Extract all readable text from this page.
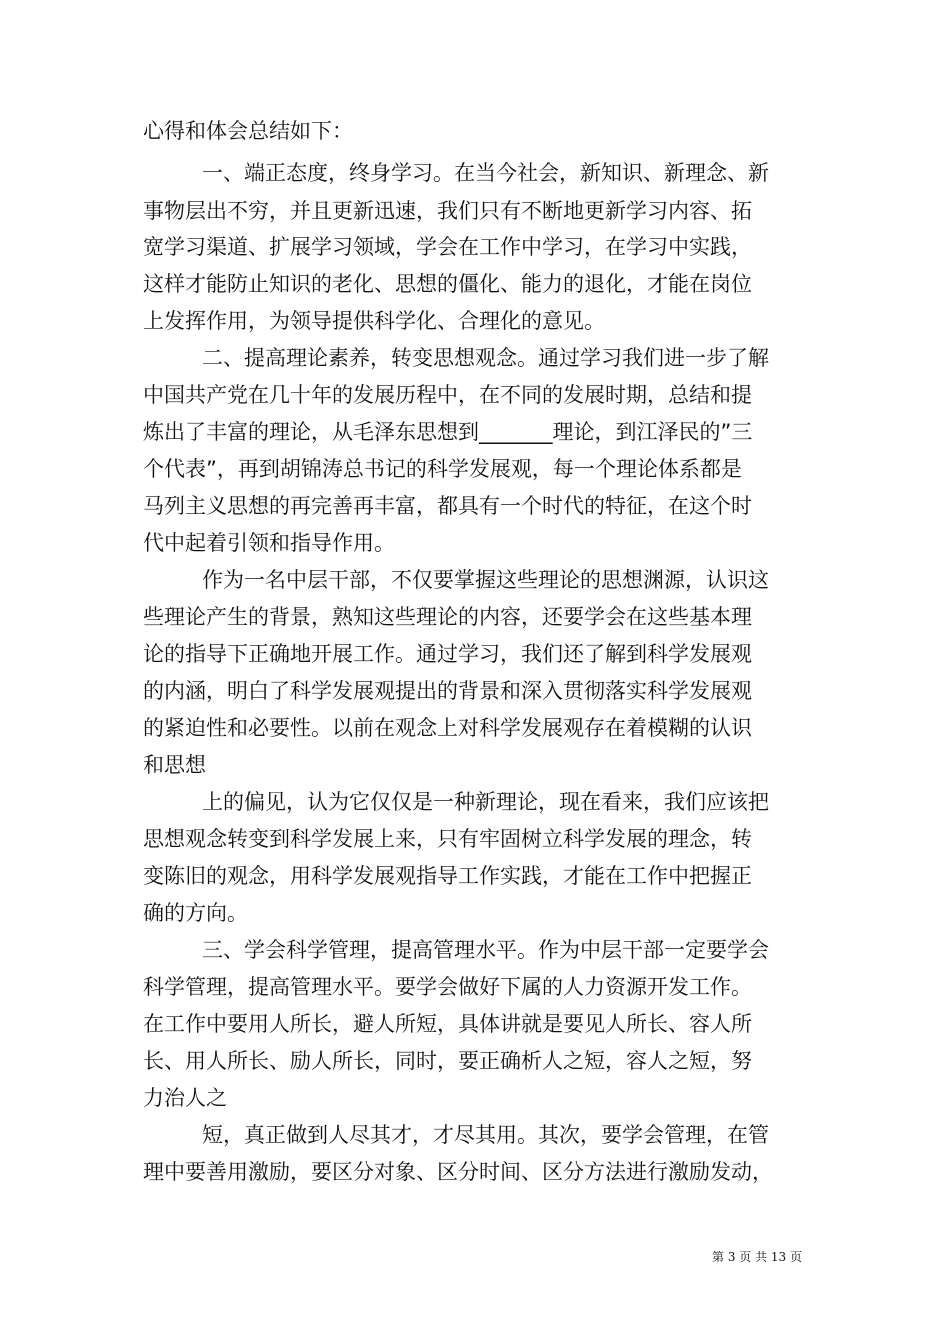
心得和体会总结如下：
一、端正态度，终身学习。在当今社会，新知识、新理念、新
事物层出不穷，并且更新迅速，我们只有不断地更新学习内容、拓
宽学习渠道、扩展学习领域，学会在工作中学习，在学习中实践，
这样才能防止知识的老化、思想的僵化、能力的退化，才能在岗位
上发挥作用，为领导提供科学化、合理化的意见。
二、提高理论素养，转变思想观念。通过学习我们进一步了解
中国共产党在几十年的发展历程中，在不同的发展时期，总结和提
炼出了丰富的理论，从毛泽东思想到_______理论，到江泽民的”三
个代表”，再到胡锦涛总书记的科学发展观，每一个理论体系都是
马列主义思想的再完善再丰富，都具有一个时代的特征，在这个时
代中起着引领和指导作用。
作为一名中层干部，不仅要掌握这些理论的思想渊源，认识这
些理论产生的背景，熟知这些理论的内容，还要学会在这些基本理
论的指导下正确地开展工作。通过学习，我们还了解到科学发展观
的内涵，明白了科学发展观提出的背景和深入贯彻落实科学发展观
的紧迫性和必要性。以前在观念上对科学发展观存在着模糊的认识
和思想
上的偏见，认为它仅仅是一种新理论，现在看来，我们应该把
思想观念转变到科学发展上来，只有牢固树立科学发展的理念，转
变陈旧的观念，用科学发展观指导工作实践，才能在工作中把握正
确的方向。
三、学会科学管理，提高管理水平。作为中层干部一定要学会
科学管理，提高管理水平。要学会做好下属的人力资源开发工作。
在工作中要用人所长，避人所短，具体讲就是要见人所长、容人所
长、用人所长、励人所长，同时，要正确析人之短，容人之短，努
力治人之
短，真正做到人尽其才，才尽其用。其次，要学会管理，在管
理中要善用激励，要区分对象、区分时间、区分方法进行激励发动，
第 3 页 共 13 页
